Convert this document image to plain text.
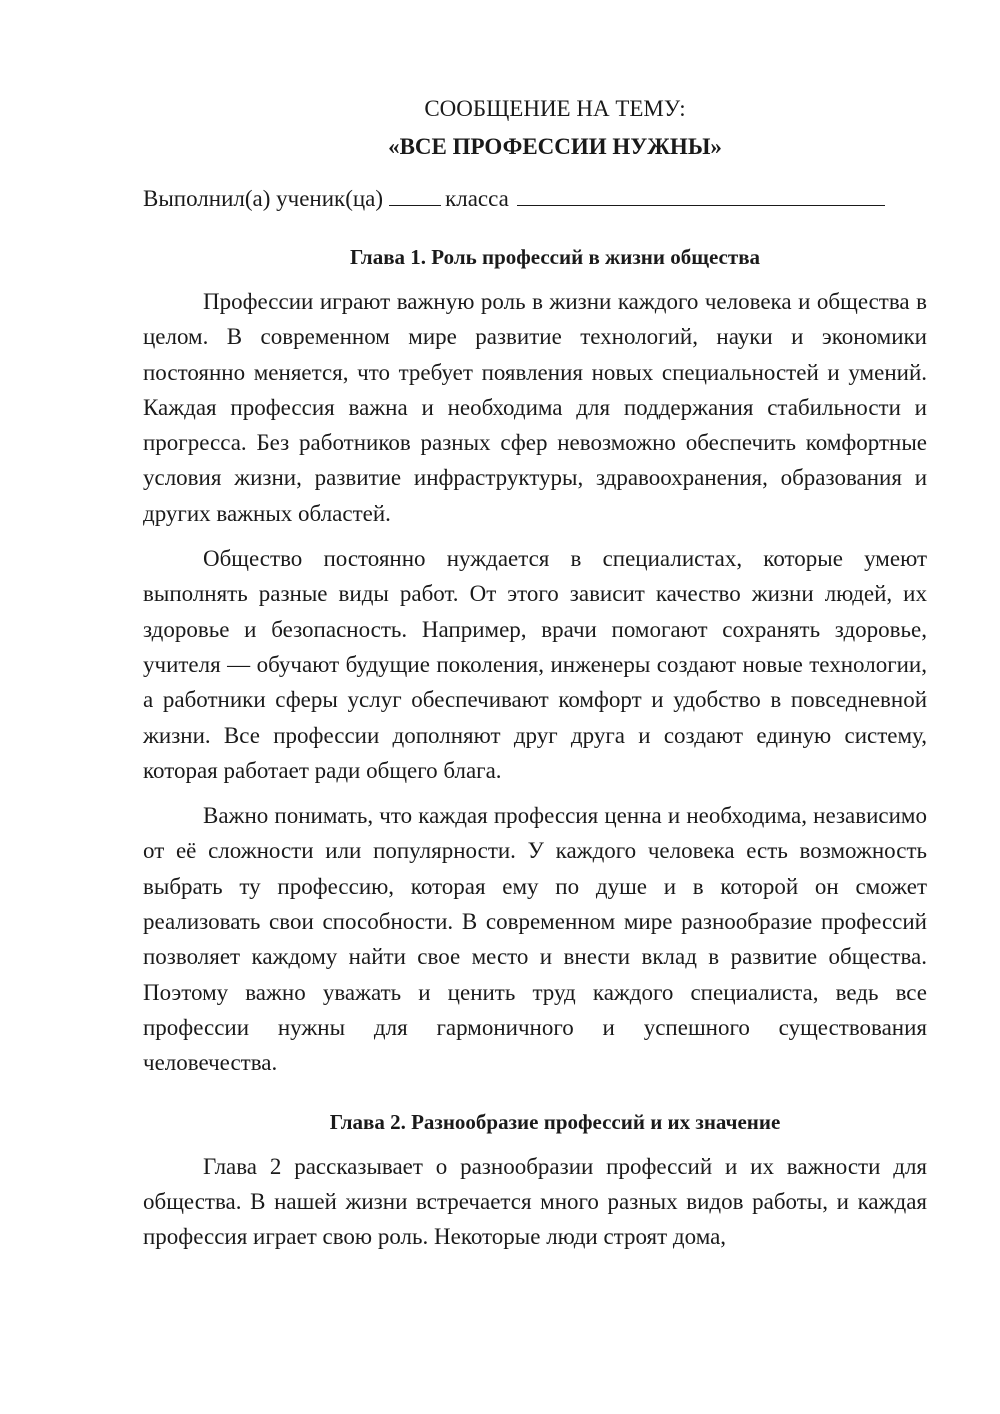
СООБЩЕНИЕ НА ТЕМУ:
«ВСЕ ПРОФЕССИИ НУЖНЫ»
Выполнил(а) ученик(ца)	класса
Глава 1. Роль профессий в жизни общества

Профессии играют важную роль в жизни каждого человека и общества в целом. В современном мире развитие технологий, науки и экономики постоянно меняется, что требует появления новых специальностей и умений. Каждая профессия важна и необходима для поддержания стабильности и прогресса. Без работников разных сфер невозможно обеспечить комфортные условия жизни, развитие инфраструктуры, здравоохранения, образования и других важных областей.

Общество постоянно нуждается в специалистах, которые умеют выполнять разные виды работ. От этого зависит качество жизни людей, их здоровье и безопасность. Например, врачи помогают сохранять здоровье, учителя — обучают будущие поколения, инженеры создают новые технологии, а работники сферы услуг обеспечивают комфорт и удобство в повседневной жизни. Все профессии дополняют друг друга и создают единую систему, которая работает ради общего блага.

Важно понимать, что каждая профессия ценна и необходима, независимо от её сложности или популярности. У каждого человека есть возможность выбрать ту профессию, которая ему по душе и в которой он сможет реализовать свои способности. В современном мире разнообразие профессий позволяет каждому найти свое место и внести вклад в развитие общества. Поэтому важно уважать и ценить труд каждого специалиста, ведь все профессии нужны для гармоничного и успешного существования человечества.

Глава 2. Разнообразие профессий и их значение

Глава 2 рассказывает о разнообразии профессий и их важности для общества. В нашей жизни встречается много разных видов работы, и каждая профессия играет свою роль. Некоторые люди строят дома,
